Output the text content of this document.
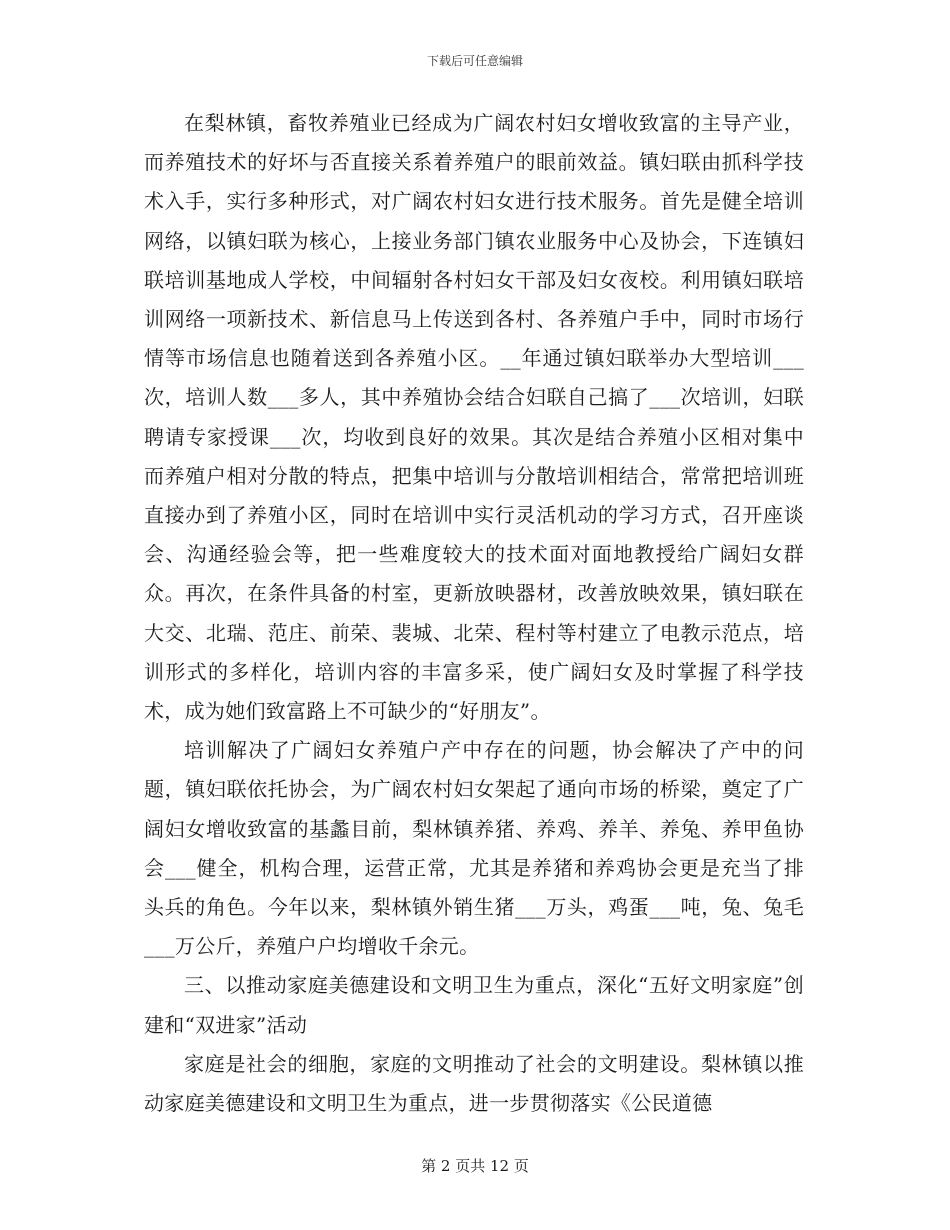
下载后可任意编辑

在梨林镇，畜牧养殖业已经成为广阔农村妇女增收致富的主导产业，而养殖技术的好坏与否直接关系着养殖户的眼前效益。镇妇联由抓科学技术入手，实行多种形式，对广阔农村妇女进行技术服务。首先是健全培训网络，以镇妇联为核心，上接业务部门镇农业服务中心及协会，下连镇妇联培训基地成人学校，中间辐射各村妇女干部及妇女夜校。利用镇妇联培训网络一项新技术、新信息马上传送到各村、各养殖户手中，同时市场行情等市场信息也随着送到各养殖小区。__年通过镇妇联举办大型培训___次，培训人数___多人，其中养殖协会结合妇联自己搞了___次培训，妇联聘请专家授课___次，均收到良好的效果。其次是结合养殖小区相对集中而养殖户相对分散的特点，把集中培训与分散培训相结合，常常把培训班直接办到了养殖小区，同时在培训中实行灵活机动的学习方式，召开座谈会、沟通经验会等，把一些难度较大的技术面对面地教授给广阔妇女群众。再次，在条件具备的村室，更新放映器材，改善放映效果，镇妇联在大交、北瑞、范庄、前荣、裴城、北荣、程村等村建立了电教示范点，培训形式的多样化，培训内容的丰富多采，使广阔妇女及时掌握了科学技术，成为她们致富路上不可缺少的“好朋友”。

培训解决了广阔妇女养殖户产中存在的问题，协会解决了产中的问题，镇妇联依托协会，为广阔农村妇女架起了通向市场的桥梁，奠定了广阔妇女增收致富的基蠡目前，梨林镇养猪、养鸡、养羊、养兔、养甲鱼协会___健全，机构合理，运营正常，尤其是养猪和养鸡协会更是充当了排头兵的角色。今年以来，梨林镇外销生猪___万头，鸡蛋___吨，兔、兔毛___万公斤，养殖户户均增收千余元。

三、以推动家庭美德建设和文明卫生为重点，深化“五好文明家庭”创建和“双进家”活动

家庭是社会的细胞，家庭的文明推动了社会的文明建设。梨林镇以推动家庭美德建设和文明卫生为重点，进一步贯彻落实《公民道德

第 2 页共 12 页
